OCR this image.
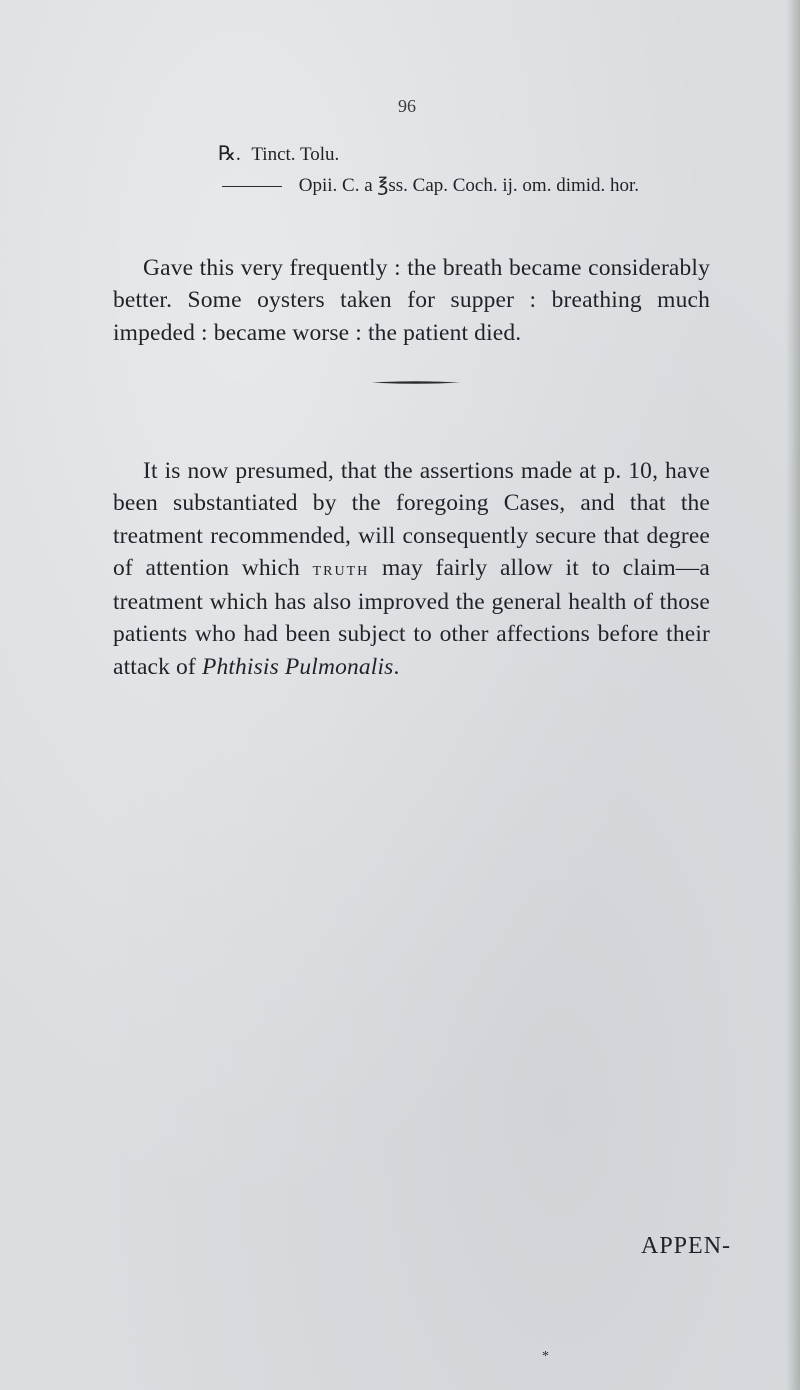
96
℞. Tinct. Tolu.
Opii. C. a ℥ss. Cap. Coch. ij. om. dimid. hor.

Gave this very frequently : the breath became considerably better. Some oysters taken for supper : breathing much impeded : became worse : the patient died.

It is now presumed, that the assertions made at p. 10, have been substantiated by the foregoing Cases, and that the treatment recommended, will consequently secure that degree of attention which truth may fairly allow it to claim—a treatment which has also improved the general health of those patients who had been subject to other affections before their attack of Phthisis Pulmonalis.

APPEN-
*
